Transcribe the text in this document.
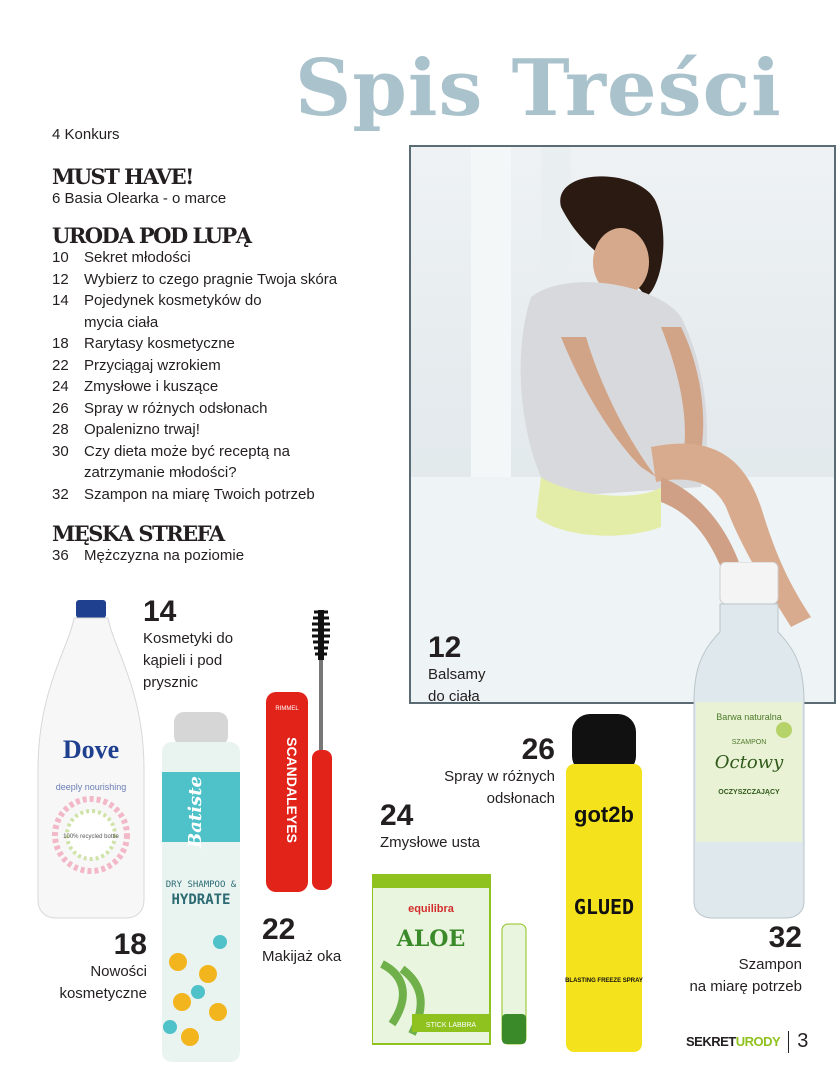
Spis Treści
4 Konkurs
MUST HAVE!
6 Basia Olearka - o marce
URODA POD LUPĄ
10	Sekret młodości
12	Wybierz to czego pragnie Twoja skóra
14	Pojedynek kosmetyków do mycia ciała
18	Rarytasy kosmetyczne
22	Przyciągaj wzrokiem
24	Zmysłowe i kuszące
26	Spray w różnych odsłonach
28	Opalenizno trwaj!
30	Czy dieta może być receptą na zatrzymanie młodości?
32	Szampon na miarę Twoich potrzeb
MĘSKA STREFA
36	Mężczyzna na poziomie
12
Balsamy
do ciała
14
Kosmetyki do
kąpieli i pod
prysznic
26
Spray w różnych
odsłonach
24
Zmysłowe usta
22
Makijaż oka
18
Nowości
kosmetyczne
32
Szampon
na miarę potrzeb
Dove
deeply nourishing
100% recycled bottle	Batiste
DRY SHAMPOO &
HYDRATE
SCANDALEYES
RIMMEL
equilibra
ALOE
STICK LABBRA
got2b
GLUED
BLASTING FREEZE SPRAY
Barwa naturalna
SZAMPON
Octowy
OCZYSZCZAJĄCY
SEKRETURODY 3
